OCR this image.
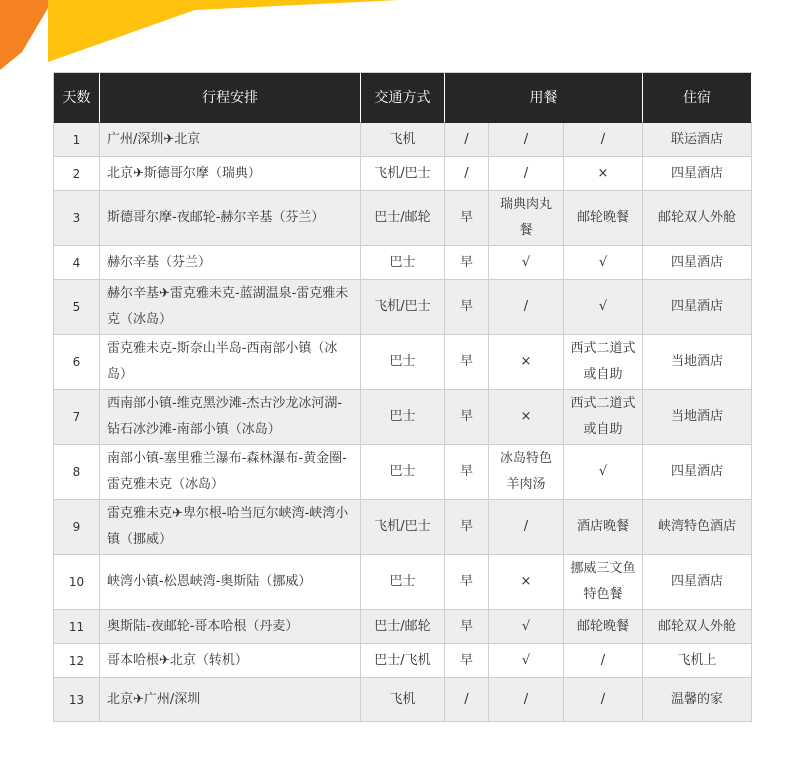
天数	行程安排	交通方式	用餐			住宿
1	广州/深圳✈北京	飞机	/	/	/	联运酒店
2	北京✈斯德哥尔摩（瑞典）	飞机/巴士	/	/	×	四星酒店
3	斯德哥尔摩-夜邮轮-赫尔辛基（芬兰）	巴士/邮轮	早	瑞典肉丸餐	邮轮晚餐	邮轮双人外舱
4	赫尔辛基（芬兰）	巴士	早	√	√	四星酒店
5	赫尔辛基✈雷克雅未克-蓝湖温泉-雷克雅未克（冰岛）	飞机/巴士	早	/	√	四星酒店
6	雷克雅未克-斯奈山半岛-西南部小镇（冰岛）	巴士	早	×	西式二道式或自助	当地酒店
7	西南部小镇-维克黑沙滩-杰古沙龙冰河湖-钻石冰沙滩-南部小镇（冰岛）	巴士	早	×	西式二道式或自助	当地酒店
8	南部小镇-塞里雅兰瀑布-森林瀑布-黄金圈-雷克雅未克（冰岛）	巴士	早	冰岛特色羊肉汤	√	四星酒店
9	雷克雅未克✈卑尔根-哈当厄尔峡湾-峡湾小镇（挪威）	飞机/巴士	早	/	酒店晚餐	峡湾特色酒店
10	峡湾小镇-松恩峡湾-奥斯陆（挪威）	巴士	早	×	挪威三文鱼特色餐	四星酒店
11	奥斯陆-夜邮轮-哥本哈根（丹麦）	巴士/邮轮	早	√	邮轮晚餐	邮轮双人外舱
12	哥本哈根✈北京（转机）	巴士/飞机	早	√	/	飞机上
13	北京✈广州/深圳	飞机	/	/	/	温馨的家
